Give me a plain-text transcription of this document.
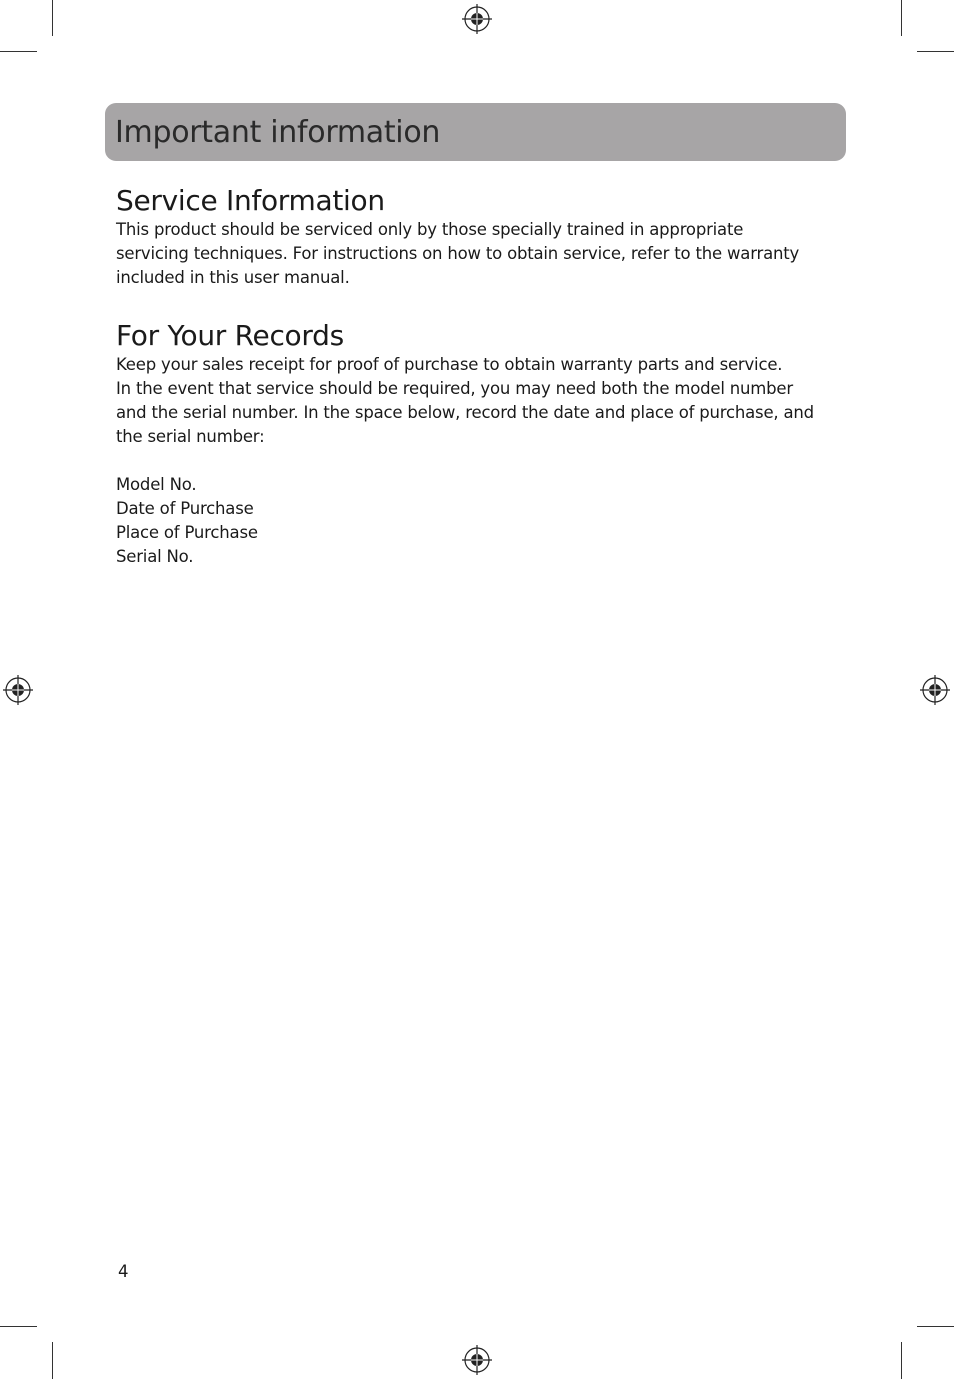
Important information
Service Information
This product should be serviced only by those specially trained in appropriate
servicing techniques. For instructions on how to obtain service, refer to the warranty
included in this user manual.
For Your Records
Keep your sales receipt for proof of purchase to obtain warranty parts and service.
In the event that service should be required, you may need both the model number
and the serial number. In the space below, record the date and place of purchase, and
the serial number:
Model No.
Date of Purchase
Place of Purchase
Serial No.
4
